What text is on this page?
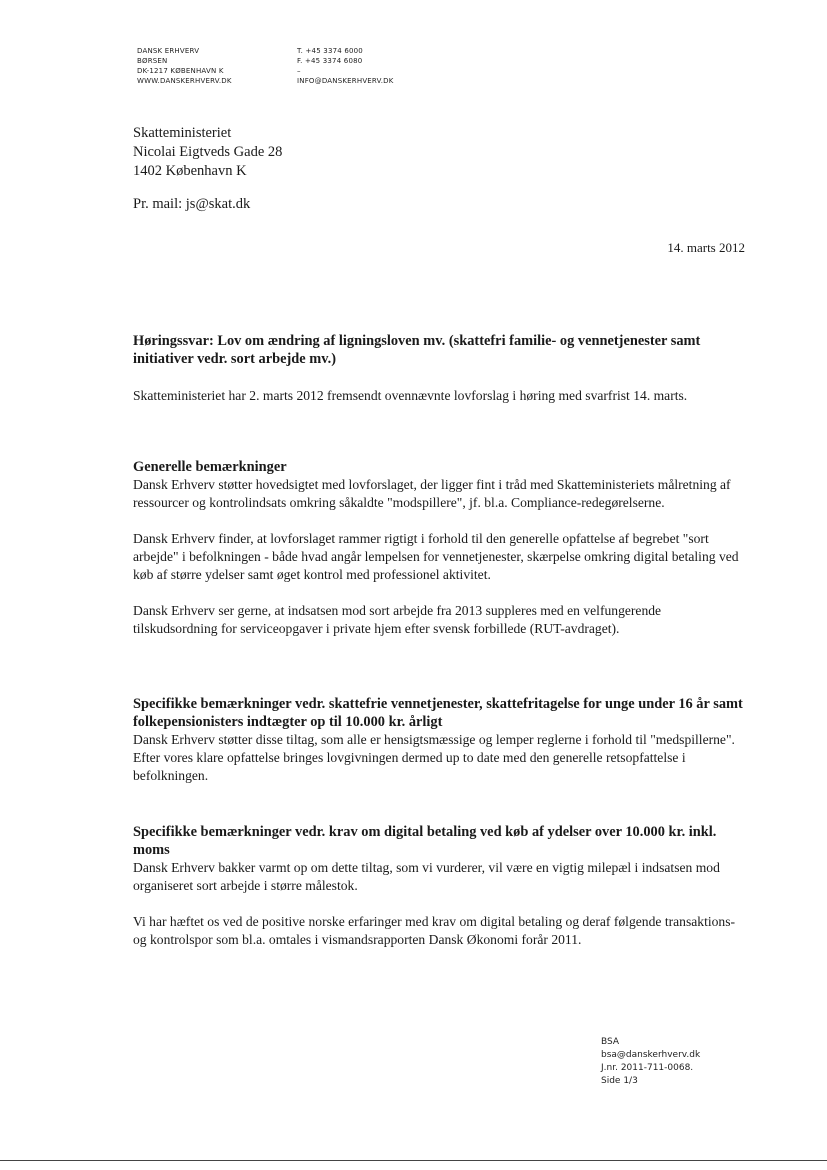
DANSK ERHVERV
BØRSEN
DK-1217 KØBENHAVN K
WWW.DANSKERHVERV.DK
T. +45 3374 6000
F. +45 3374 6080
–
INFO@DANSKERHVERV.DK
Skatteministeriet
Nicolai Eigtveds Gade 28
1402 København K
Pr. mail: js@skat.dk
14. marts 2012
Høringssvar: Lov om ændring af ligningsloven mv. (skattefri familie- og vennetjenester samt initiativer vedr. sort arbejde mv.)

Skatteministeriet har 2. marts 2012 fremsendt ovennævnte lovforslag i høring med svarfrist 14. marts.

Generelle bemærkninger

Dansk Erhverv støtter hovedsigtet med lovforslaget, der ligger fint i tråd med Skatteministeriets målretning af ressourcer og kontrolindsats omkring såkaldte "modspillere", jf. bl.a. Compliance-redegørelserne.

Dansk Erhverv finder, at lovforslaget rammer rigtigt i forhold til den generelle opfattelse af begrebet "sort arbejde" i befolkningen - både hvad angår lempelsen for vennetjenester, skærpelse omkring digital betaling ved køb af større ydelser samt øget kontrol med professionel aktivitet.

Dansk Erhverv ser gerne, at indsatsen mod sort arbejde fra 2013 suppleres med en velfungerende tilskudsordning for serviceopgaver i private hjem efter svensk forbillede (RUT-avdraget).

Specifikke bemærkninger vedr. skattefrie vennetjenester, skattefritagelse for unge under 16 år samt folkepensionisters indtægter op til 10.000 kr. årligt

Dansk Erhverv støtter disse tiltag, som alle er hensigtsmæssige og lemper reglerne i forhold til "medspillerne". Efter vores klare opfattelse bringes lovgivningen dermed up to date med den generelle retsopfattelse i befolkningen.

Specifikke bemærkninger vedr. krav om digital betaling ved køb af ydelser over 10.000 kr. inkl. moms

Dansk Erhverv bakker varmt op om dette tiltag, som vi vurderer, vil være en vigtig milepæl i indsatsen mod organiseret sort arbejde i større målestok.

Vi har hæftet os ved de positive norske erfaringer med krav om digital betaling og deraf følgende transaktions- og kontrolspor som bl.a. omtales i vismandsrapporten Dansk Økonomi forår 2011.

BSA
bsa@danskerhverv.dk
J.nr. 2011-711-0068.
Side 1/3
